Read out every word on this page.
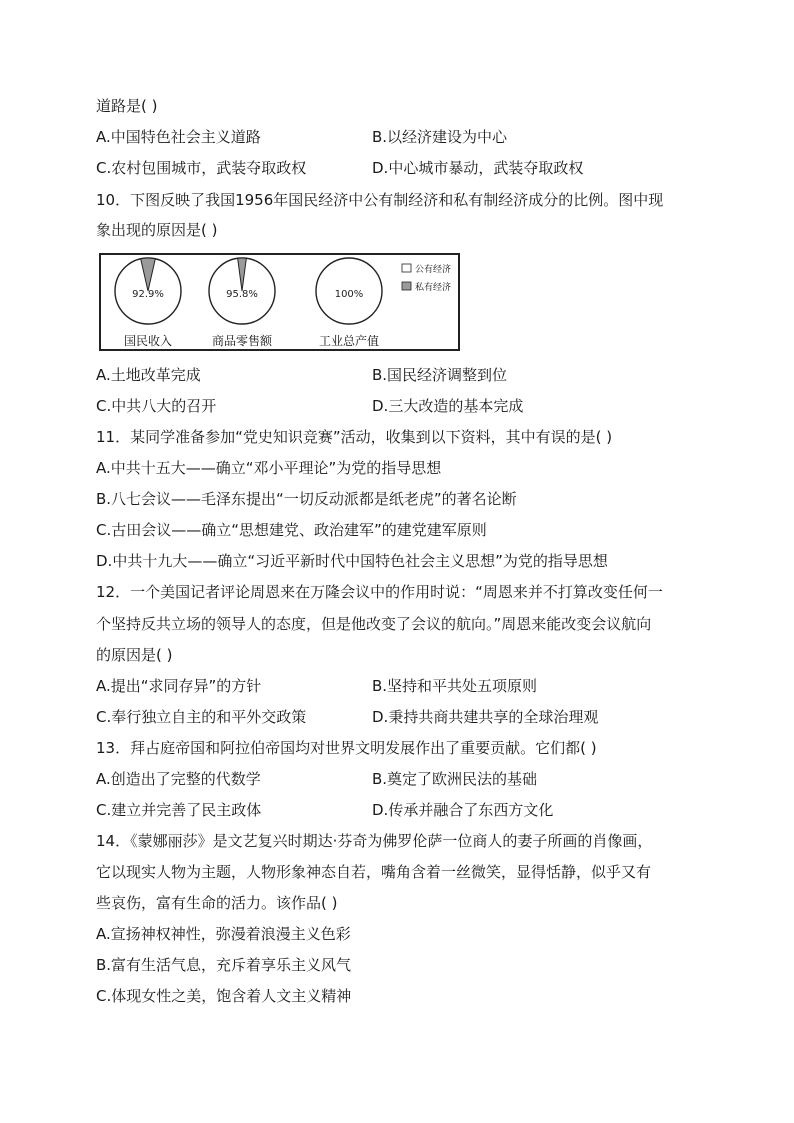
道路是( )
A.中国特色社会主义道路	B.以经济建设为中心
C.农村包围城市，武装夺取政权	D.中心城市暴动，武装夺取政权
10．下图反映了我国1956年国民经济中公有制经济和私有制经济成分的比例。图中现
象出现的原因是( )
92.9%
国民收入
95.8%
商品零售额
100%
工业总产值
公有经济
私有经济
A.土地改革完成	B.国民经济调整到位
C.中共八大的召开	D.三大改造的基本完成
11．某同学准备参加“党史知识竞赛”活动，收集到以下资料，其中有误的是( )
A.中共十五大——确立“邓小平理论”为党的指导思想
B.八七会议——毛泽东提出“一切反动派都是纸老虎”的著名论断
C.古田会议——确立“思想建党、政治建军”的建党建军原则
D.中共十九大——确立“习近平新时代中国特色社会主义思想”为党的指导思想
12．一个美国记者评论周恩来在万隆会议中的作用时说：“周恩来并不打算改变任何一
个坚持反共立场的领导人的态度，但是他改变了会议的航向。”周恩来能改变会议航向
的原因是( )
A.提出“求同存异”的方针	B.坚持和平共处五项原则
C.奉行独立自主的和平外交政策	D.秉持共商共建共享的全球治理观
13．拜占庭帝国和阿拉伯帝国均对世界文明发展作出了重要贡献。它们都( )
A.创造出了完整的代数学	B.奠定了欧洲民法的基础
C.建立并完善了民主政体	D.传承并融合了东西方文化
14．《蒙娜丽莎》是文艺复兴时期达·芬奇为佛罗伦萨一位商人的妻子所画的肖像画，
它以现实人物为主题，人物形象神态自若，嘴角含着一丝微笑，显得恬静，似乎又有
些哀伤，富有生命的活力。该作品( )
A.宣扬神权神性，弥漫着浪漫主义色彩
B.富有生活气息，充斥着享乐主义风气
C.体现女性之美，饱含着人文主义精神
